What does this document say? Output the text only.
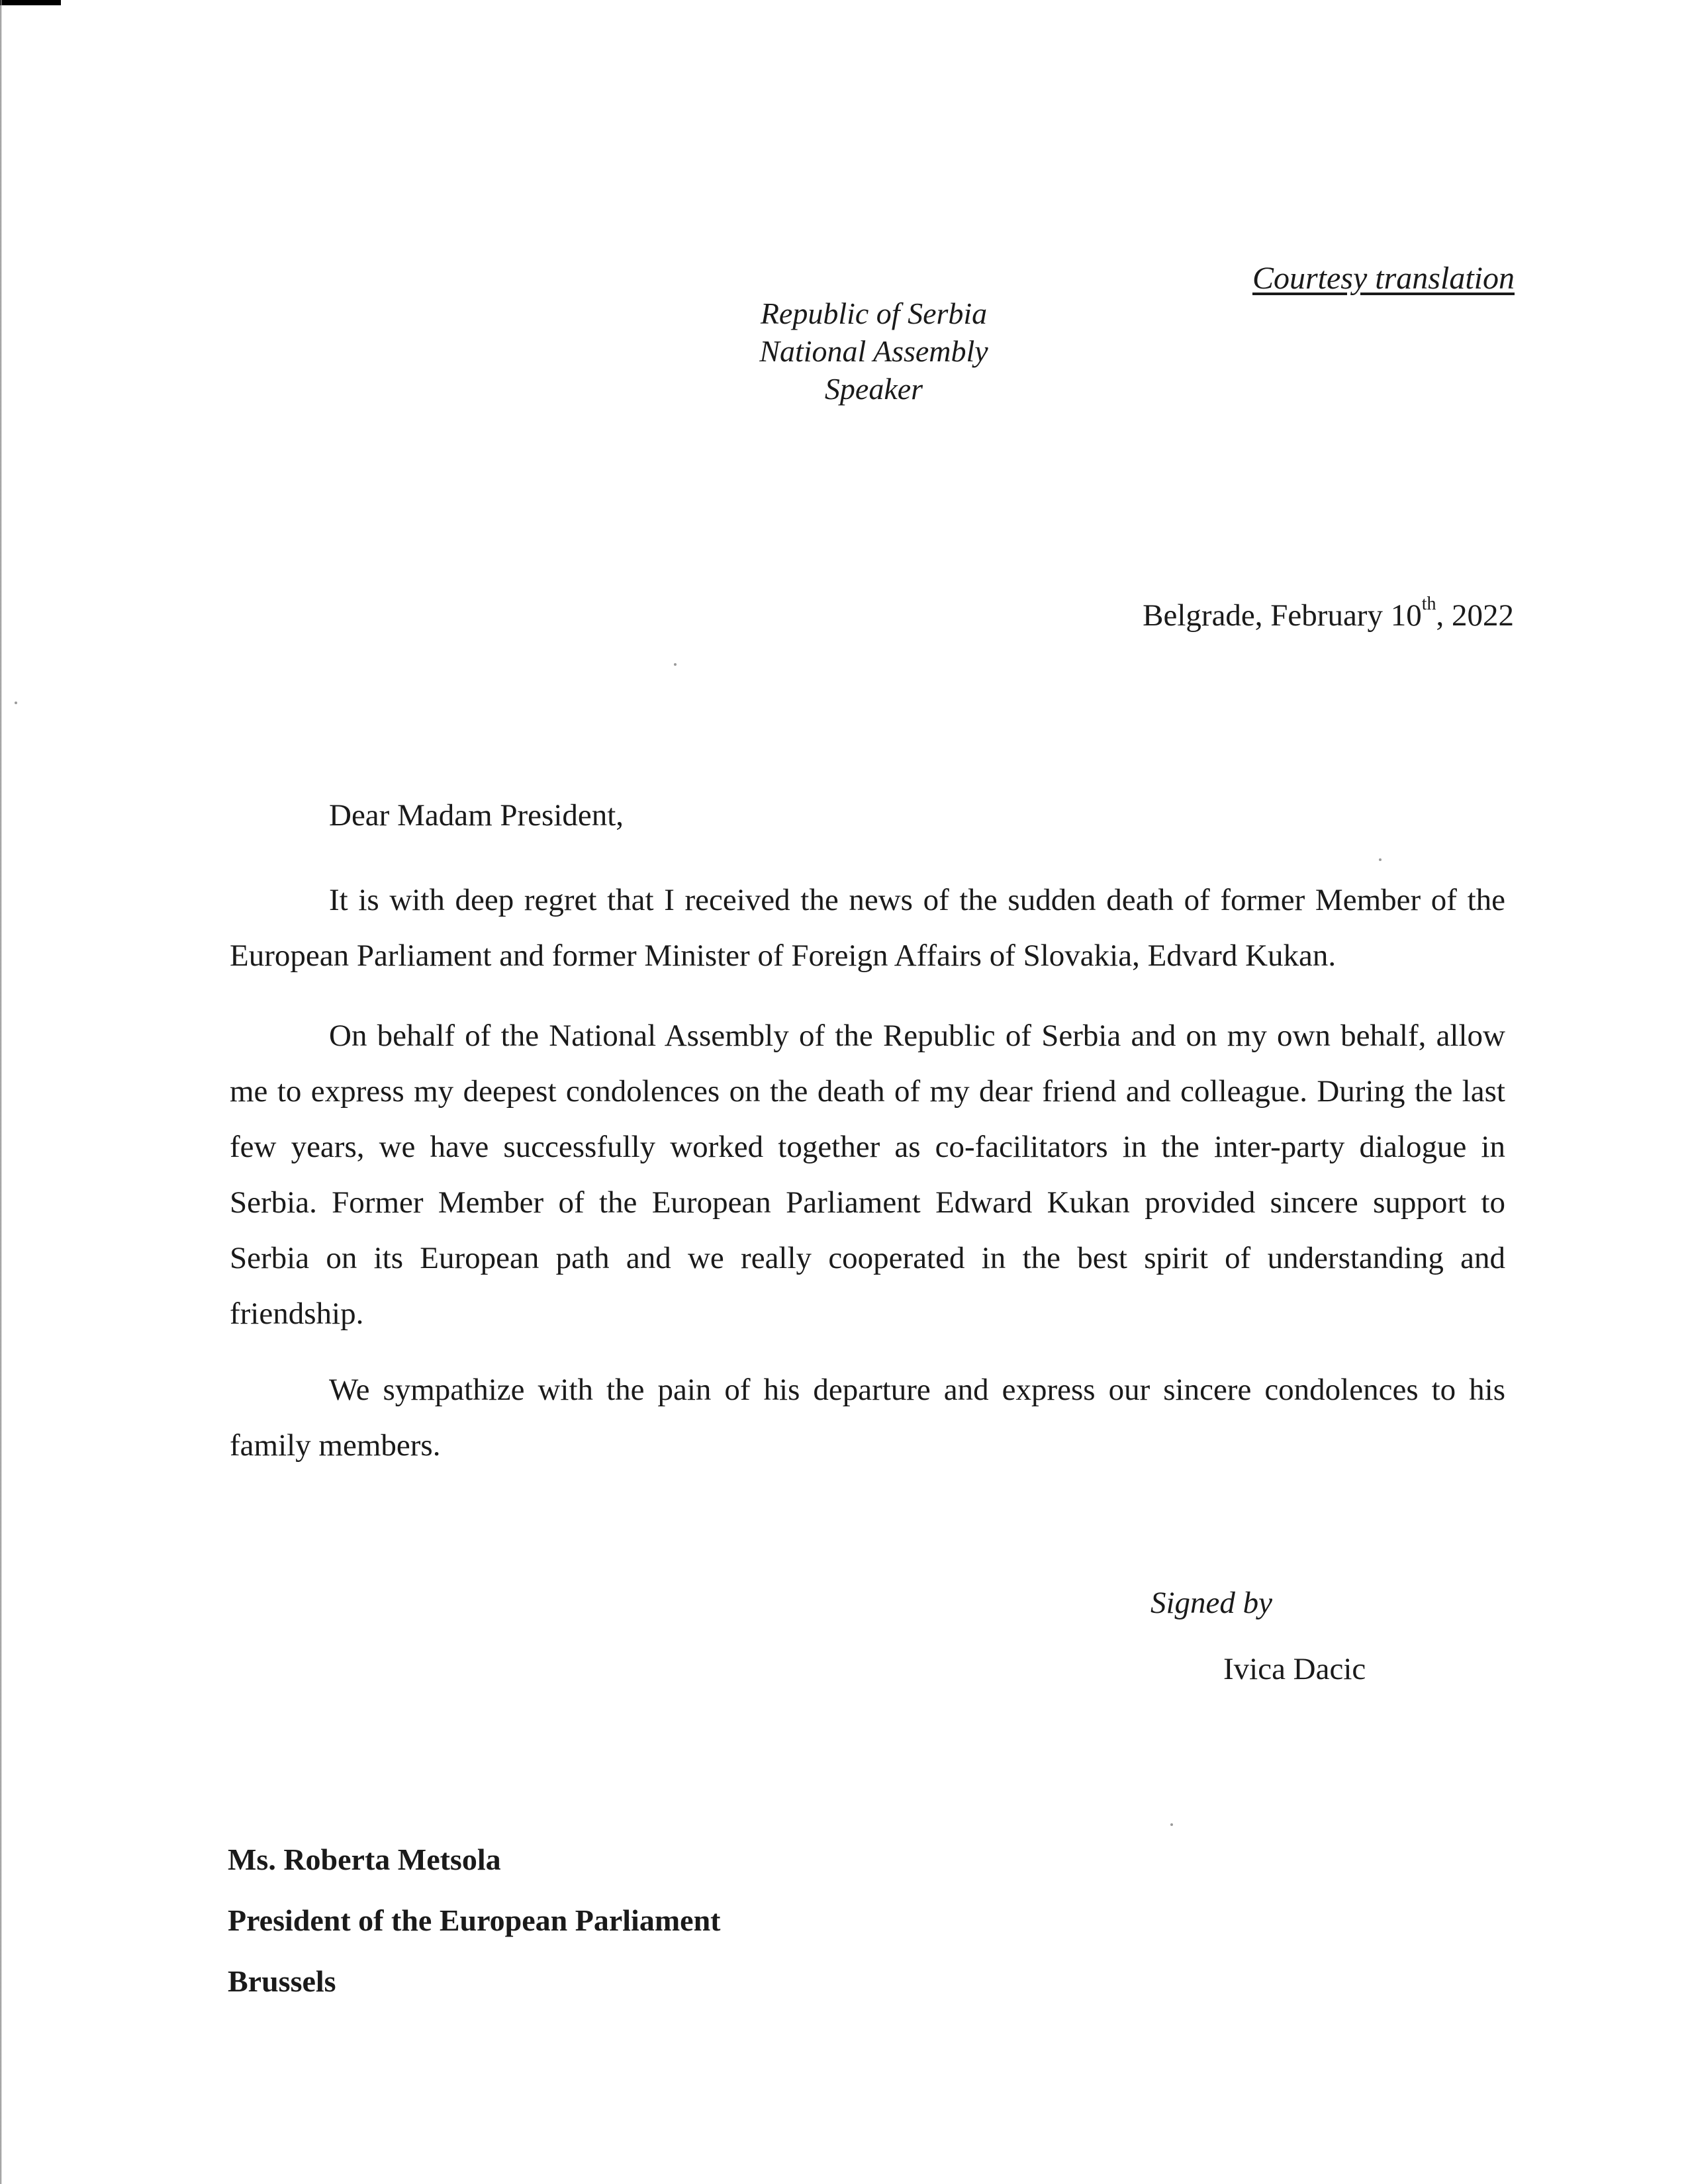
Courtesy translation
Republic of Serbia
National Assembly
Speaker
Belgrade, February 10th, 2022
Dear Madam President,

It is with deep regret that I received the news of the sudden death of former Member of the European Parliament and former Minister of Foreign Affairs of Slovakia, Edvard Kukan.

On behalf of the National Assembly of the Republic of Serbia and on my own behalf, allow me to express my deepest condolences on the death of my dear friend and colleague. During the last few years, we have successfully worked together as co-facilitators in the inter-party dialogue in Serbia. Former Member of the European Parliament Edward Kukan provided sincere support to Serbia on its European path and we really cooperated in the best spirit of understanding and friendship.

We sympathize with the pain of his departure and express our sincere condolences to his family members.

Signed by
Ivica Dacic
Ms. Roberta Metsola
President of the European Parliament
Brussels
